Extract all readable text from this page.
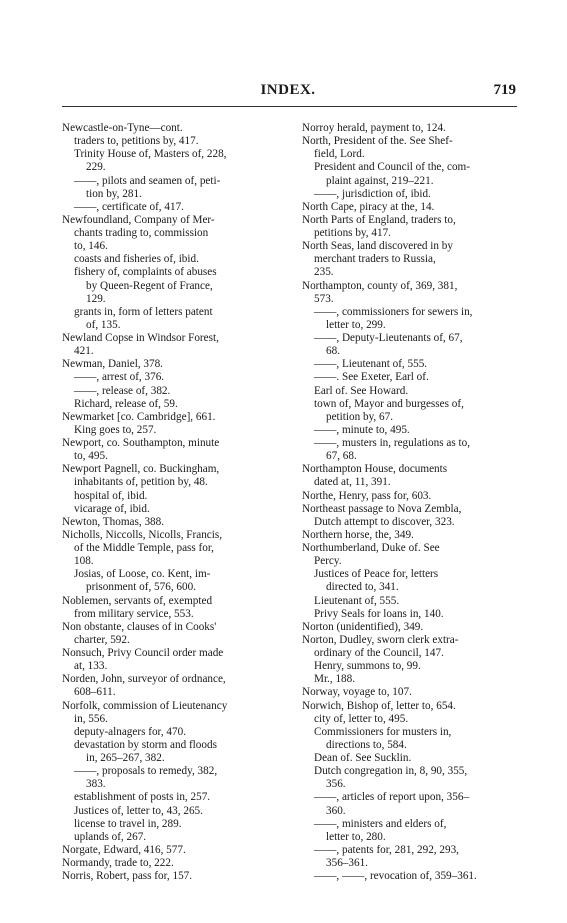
INDEX.	719
Newcastle-on-Tyne—cont.
traders to, petitions by, 417.
Trinity House of, Masters of, 228,
229.
——, pilots and seamen of, peti-
tion by, 281.
——, certificate of, 417.
Newfoundland, Company of Mer-
chants trading to, commission
to, 146.
coasts and fisheries of, ibid.
fishery of, complaints of abuses
by Queen-Regent of France,
129.
grants in, form of letters patent
of, 135.
Newland Copse in Windsor Forest,
421.
Newman, Daniel, 378.
——, arrest of, 376.
——, release of, 382.
Richard, release of, 59.
Newmarket [co. Cambridge], 661.
King goes to, 257.
Newport, co. Southampton, minute
to, 495.
Newport Pagnell, co. Buckingham,
inhabitants of, petition by, 48.
hospital of, ibid.
vicarage of, ibid.
Newton, Thomas, 388.
Nicholls, Niccolls, Nicolls, Francis,
of the Middle Temple, pass for,
108.
Josias, of Loose, co. Kent, im-
prisonment of, 576, 600.
Noblemen, servants of, exempted
from military service, 553.
Non obstante, clauses of in Cooks'
charter, 592.
Nonsuch, Privy Council order made
at, 133.
Norden, John, surveyor of ordnance,
608–611.
Norfolk, commission of Lieutenancy
in, 556.
deputy-alnagers for, 470.
devastation by storm and floods
in, 265–267, 382.
——, proposals to remedy, 382,
383.
establishment of posts in, 257.
Justices of, letter to, 43, 265.
license to travel in, 289.
uplands of, 267.
Norgate, Edward, 416, 577.
Normandy, trade to, 222.
Norris, Robert, pass for, 157.
Norroy herald, payment to, 124.
North, President of the. See Shef-
field, Lord.
President and Council of the, com-
plaint against, 219–221.
——, jurisdiction of, ibid.
North Cape, piracy at the, 14.
North Parts of England, traders to,
petitions by, 417.
North Seas, land discovered in by
merchant traders to Russia,
235.
Northampton, county of, 369, 381,
573.
——, commissioners for sewers in,
letter to, 299.
——, Deputy-Lieutenants of, 67,
68.
——, Lieutenant of, 555.
——. See Exeter, Earl of.
Earl of. See Howard.
town of, Mayor and burgesses of,
petition by, 67.
——, minute to, 495.
——, musters in, regulations as to,
67, 68.
Northampton House, documents
dated at, 11, 391.
Northe, Henry, pass for, 603.
Northeast passage to Nova Zembla,
Dutch attempt to discover, 323.
Northern horse, the, 349.
Northumberland, Duke of. See
Percy.
Justices of Peace for, letters
directed to, 341.
Lieutenant of, 555.
Privy Seals for loans in, 140.
Norton (unidentified), 349.
Norton, Dudley, sworn clerk extra-
ordinary of the Council, 147.
Henry, summons to, 99.
Mr., 188.
Norway, voyage to, 107.
Norwich, Bishop of, letter to, 654.
city of, letter to, 495.
Commissioners for musters in,
directions to, 584.
Dean of. See Sucklin.
Dutch congregation in, 8, 90, 355,
356.
——, articles of report upon, 356–
360.
——, ministers and elders of,
letter to, 280.
——, patents for, 281, 292, 293,
356–361.
——, ——, revocation of, 359–361.
